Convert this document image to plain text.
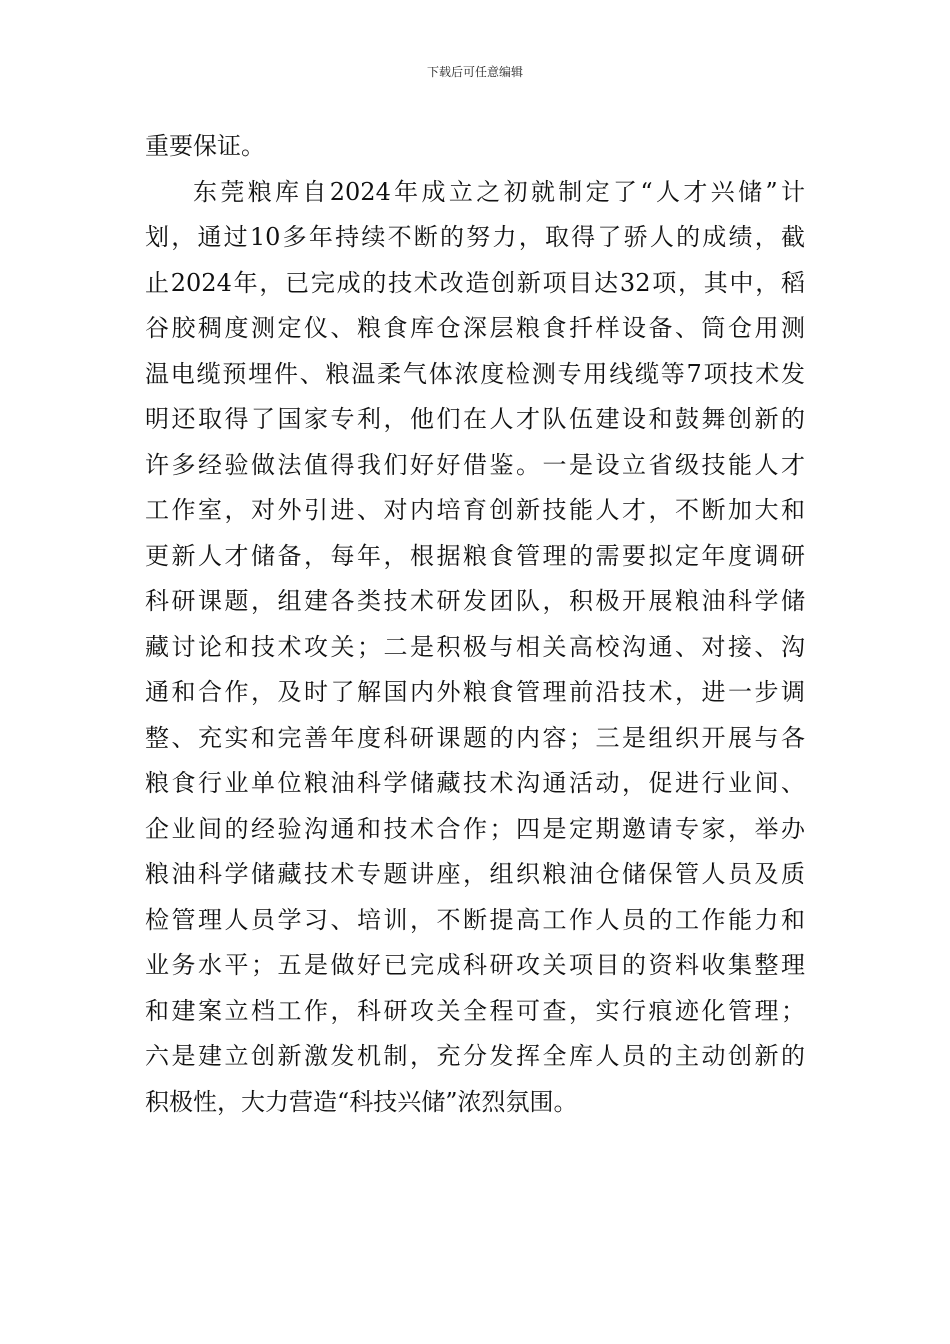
下载后可任意编辑
重要保证。
东莞粮库自2024年成立之初就制定了“人才兴储”计
划，通过10多年持续不断的努力，取得了骄人的成绩，截
止2024年，已完成的技术改造创新项目达32项，其中，稻
谷胶稠度测定仪、粮食库仓深层粮食扦样设备、筒仓用测
温电缆预埋件、粮温柔气体浓度检测专用线缆等7项技术发
明还取得了国家专利，他们在人才队伍建设和鼓舞创新的
许多经验做法值得我们好好借鉴。一是设立省级技能人才
工作室，对外引进、对内培育创新技能人才，不断加大和
更新人才储备，每年，根据粮食管理的需要拟定年度调研
科研课题，组建各类技术研发团队，积极开展粮油科学储
藏讨论和技术攻关；二是积极与相关高校沟通、对接、沟
通和合作，及时了解国内外粮食管理前沿技术，进一步调
整、充实和完善年度科研课题的内容；三是组织开展与各
粮食行业单位粮油科学储藏技术沟通活动，促进行业间、
企业间的经验沟通和技术合作；四是定期邀请专家，举办
粮油科学储藏技术专题讲座，组织粮油仓储保管人员及质
检管理人员学习、培训，不断提高工作人员的工作能力和
业务水平；五是做好已完成科研攻关项目的资料收集整理
和建案立档工作，科研攻关全程可查，实行痕迹化管理；
六是建立创新激发机制，充分发挥全库人员的主动创新的
积极性，大力营造“科技兴储”浓烈氛围。
